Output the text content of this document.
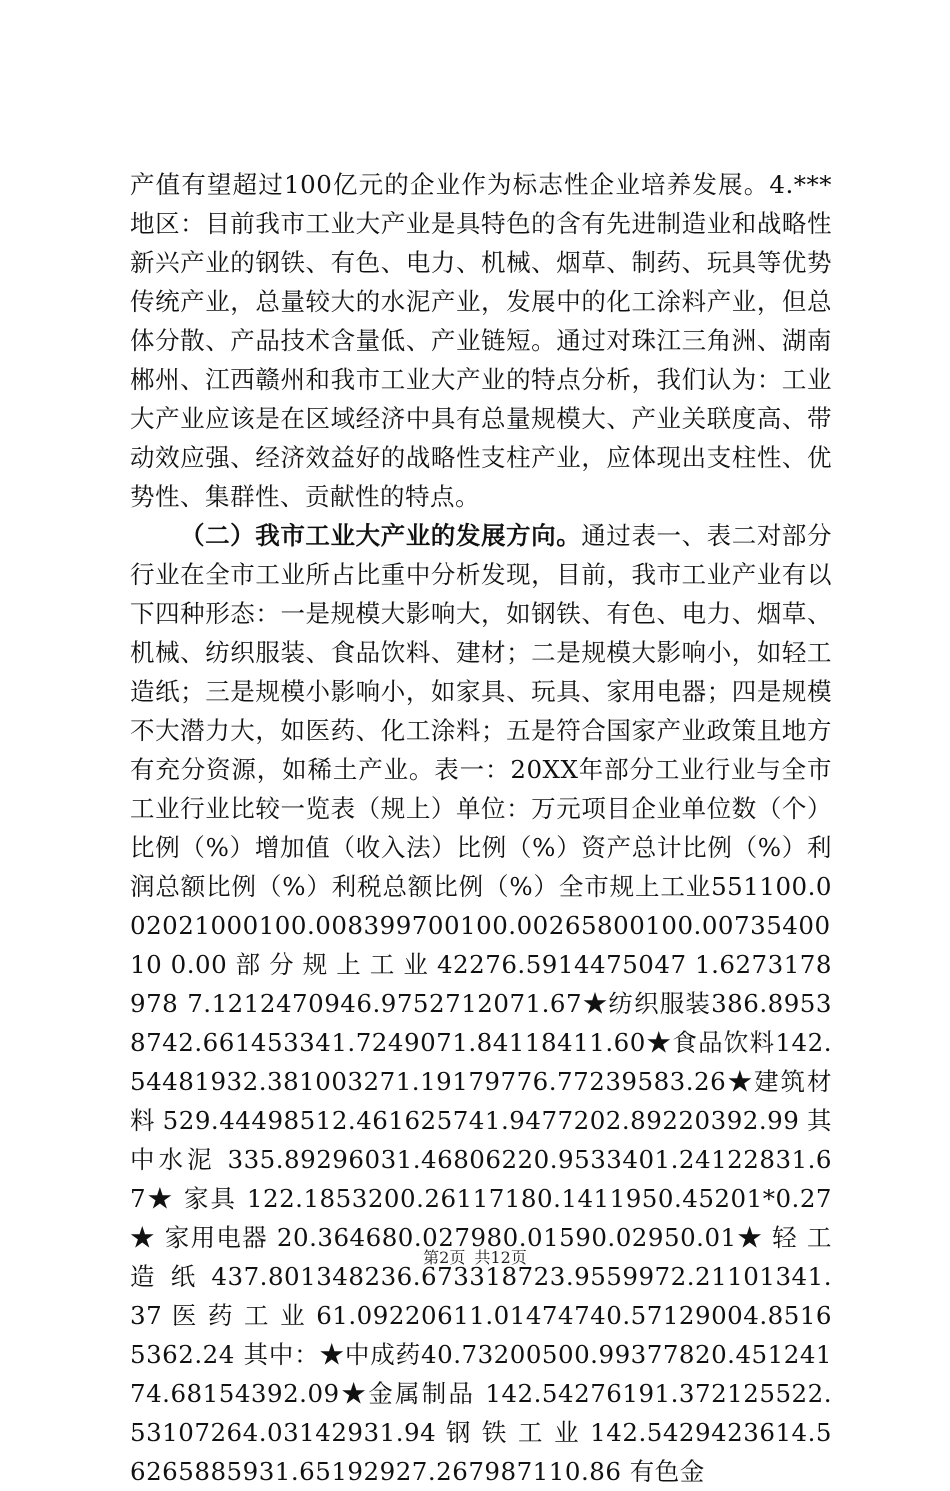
产值有望超过100亿元的企业作为标志性企业培养发展。4.***地区：目前我市工业大产业是具特色的含有先进制造业和战略性新兴产业的钢铁、有色、电力、机械、烟草、制药、玩具等优势传统产业，总量较大的水泥产业，发展中的化工涂料产业，但总体分散、产品技术含量低、产业链短。通过对珠江三角洲、湖南郴州、江西赣州和我市工业大产业的特点分析，我们认为：工业大产业应该是在区域经济中具有总量规模大、产业关联度高、带动效应强、经济效益好的战略性支柱产业，应体现出支柱性、优势性、集群性、贡献性的特点。

（二）我市工业大产业的发展方向。通过表一、表二对部分行业在全市工业所占比重中分析发现，目前，我市工业产业有以下四种形态：一是规模大影响大，如钢铁、有色、电力、烟草、机械、纺织服装、食品饮料、建材；二是规模大影响小，如轻工造纸；三是规模小影响小，如家具、玩具、家用电器；四是规模不大潜力大，如医药、化工涂料；五是符合国家产业政策且地方有充分资源，如稀土产业。表一：20XX年部分工业行业与全市工业行业比较一览表（规上）单位：万元项目企业单位数（个）比例（%）增加值（收入法）比例（%）资产总计比例（%）利润总额比例（%）利税总额比例（%）全市规上工业551100.002021000100.008399700100.00265800100.0073540010 0.00 部 分 规 上 工 业 42276.5914475047 1.6273178978 7.1212470946.9752712071.67★纺织服装386.89538742.661453341.7249071.84118411.60★食品饮料142.54481932.381003271.19179776.77239583.26★建筑材料529.44498512.461625741.9477202.89220392.99其中水泥 335.89296031.46806220.9533401.24122831.67★ 家具 122.1853200.26117180.1411950.45201*0.27★ 家用电器 20.364680.027980.01590.02950.01★ 轻 工 造 纸 437.801348236.673318723.9559972.21101341.37 医 药 工 业 61.09220611.01474740.57129004.85165362.24 其中：★中成药40.73200500.99377820.45124174.68154392.09★金属制品 142.54276191.372125522.53107264.03142931.94 钢 铁 工 业 142.5429423614.56265885931.65192927.267987110.86 有色金

第2页 共12页
